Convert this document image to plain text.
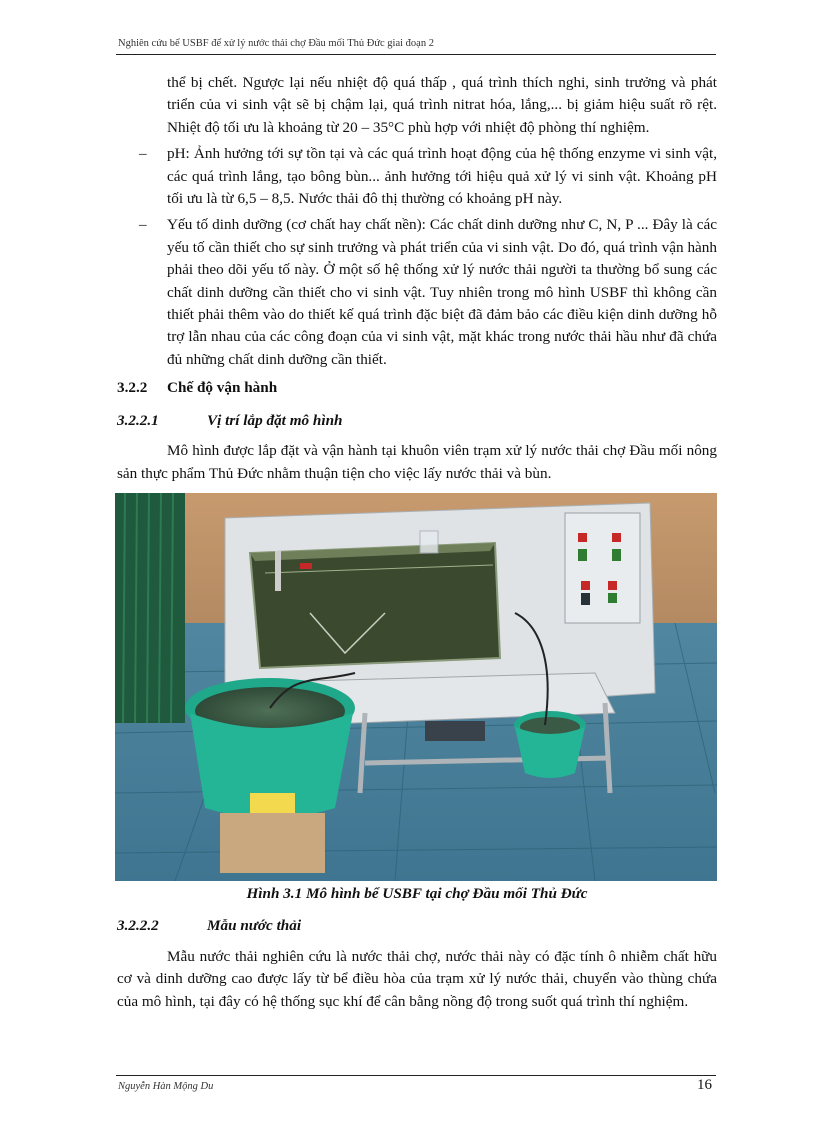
Nghiên cứu bể USBF để xử lý nước thải chợ Đầu mối Thủ Đức giai đoạn 2
thể bị chết. Ngược lại nếu nhiệt độ quá thấp , quá trình thích nghi, sinh trưởng và phát triển của vi sinh vật sẽ bị chậm lại, quá trình nitrat hóa, lắng,... bị giảm hiệu suất rõ rệt. Nhiệt độ tối ưu là khoảng từ 20 – 35°C phù hợp với nhiệt độ phòng thí nghiệm.
– pH: Ảnh hưởng tới sự tồn tại và các quá trình hoạt động của hệ thống enzyme vi sinh vật, các quá trình lắng, tạo bông bùn... ảnh hưởng tới hiệu quả xử lý vi sinh vật. Khoảng pH tối ưu là từ 6,5 – 8,5. Nước thải đô thị thường có khoảng pH này.
– Yếu tố dinh dưỡng (cơ chất hay chất nền): Các chất dinh dưỡng như C, N, P ... Đây là các yếu tố cần thiết cho sự sinh trưởng và phát triển của vi sinh vật. Do đó, quá trình vận hành phải theo dõi yếu tố này. Ở một số hệ thống xử lý nước thải người ta thường bổ sung các chất dinh dưỡng cần thiết cho vi sinh vật. Tuy nhiên trong mô hình USBF thì không cần thiết phải thêm vào do thiết kế quá trình đặc biệt đã đảm bảo các điều kiện dinh dưỡng hỗ trợ lẫn nhau của các công đoạn của vi sinh vật, mặt khác trong nước thải hầu như đã chứa đủ những chất dinh dưỡng cần thiết.
3.2.2	Chế độ vận hành
3.2.2.1	Vị trí lắp đặt mô hình

Mô hình được lắp đặt và vận hành tại khuôn viên trạm xử lý nước thải chợ Đầu mối nông sản thực phẩm Thủ Đức nhằm thuận tiện cho việc lấy nước thải và bùn.

Hình 3.1 Mô hình bể USBF tại chợ Đầu mối Thủ Đức
3.2.2.2	Mẫu nước thải

Mẫu nước thải nghiên cứu là nước thải chợ, nước thải này có đặc tính ô nhiễm chất hữu cơ và dinh dưỡng cao được lấy từ bể điều hòa của trạm xử lý nước thải, chuyển vào thùng chứa của mô hình, tại đây có hệ thống sục khí để cân bằng nồng độ trong suốt quá trình thí nghiệm.

Nguyễn Hàn Mộng Du	16
